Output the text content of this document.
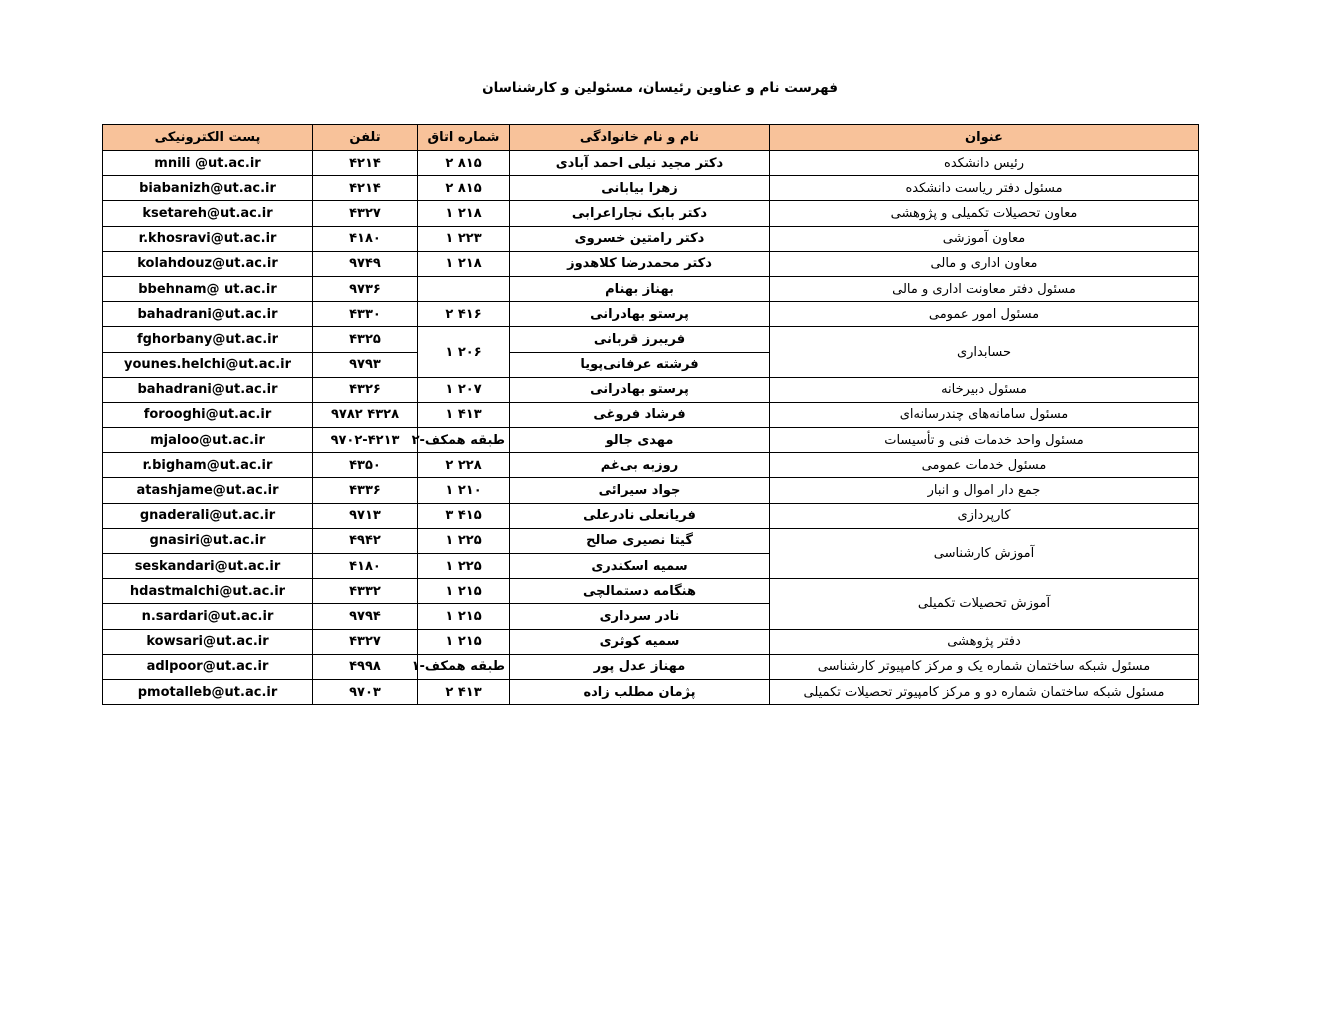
فهرست نام و عناوین رئیسان، مسئولین و کارشناسان
عنوان	نام و نام خانوادگی	شماره اتاق	تلفن	پست الکترونیکی
رئیس دانشکده	دکتر مجید نیلی احمد آبادی	۸۱۵ ۲	۴۲۱۴	mnili @ut.ac.ir
مسئول دفتر ریاست دانشکده	زهرا بیابانی	۸۱۵ ۲	۴۲۱۴	biabanizh@ut.ac.ir
معاون تحصیلات تکمیلی و پژوهشی	دکتر بابک نجاراعرابی	۲۱۸ ۱	۴۳۲۷	ksetareh@ut.ac.ir
معاون آموزشی	دکتر رامتین خسروی	۲۲۳ ۱	۴۱۸۰	r.khosravi@ut.ac.ir
معاون اداری و مالی	دکتر محمدرضا کلاهدوز	۲۱۸ ۱	۹۷۴۹	kolahdouz@ut.ac.ir
مسئول دفتر معاونت اداری و مالی	بهناز بهنام		۹۷۳۶	bbehnam@ ut.ac.ir
مسئول امور عمومی	پرستو بهادرانی	۴۱۶ ۲	۴۳۳۰	bahadrani@ut.ac.ir
حسابداری	فریبرز قربانی	۲۰۶ ۱	۴۳۲۵	fghorbany@ut.ac.ir
	فرشته عرفانی‌پویا		۹۷۹۳	younes.helchi@ut.ac.ir
مسئول دبیرخانه	پرستو بهادرانی	۲۰۷ ۱	۴۳۲۶	bahadrani@ut.ac.ir
مسئول سامانه‌های چندرسانه‌ای	فرشاد فروغی	۴۱۳ ۱	۴۳۲۸ ۹۷۸۲	forooghi@ut.ac.ir
مسئول واحد خدمات فنی و تأسیسات	مهدی جالو	طبقه همکف-۲	۹۷۰۲-۴۲۱۳	mjaloo@ut.ac.ir
مسئول خدمات عمومی	روزبه بی‌غم	۲۲۸ ۲	۴۳۵۰	r.bigham@ut.ac.ir
جمع دار اموال و انبار	جواد سیرائی	۲۱۰ ۱	۴۳۳۶	atashjame@ut.ac.ir
کارپردازی	فریانعلی نادرعلی	۴۱۵ ۳	۹۷۱۳	gnaderali@ut.ac.ir
آموزش کارشناسی	گیتا نصیری صالح	۲۲۵ ۱	۴۹۴۲	gnasiri@ut.ac.ir
	سمیه اسکندری	۲۲۵ ۱	۴۱۸۰	seskandari@ut.ac.ir
آموزش تحصیلات تکمیلی	هنگامه دستمالچی	۲۱۵ ۱	۴۳۳۲	hdastmalchi@ut.ac.ir
	نادر سرداری	۲۱۵ ۱	۹۷۹۴	n.sardari@ut.ac.ir
دفتر پژوهشی	سمیه کوثری	۲۱۵ ۱	۴۳۲۷	kowsari@ut.ac.ir
مسئول شبکه ساختمان شماره یک و مرکز کامپیوتر کارشناسی	مهناز عدل پور	طبقه همکف-۱	۴۹۹۸	adlpoor@ut.ac.ir
مسئول شبکه ساختمان شماره دو و مرکز کامپیوتر تحصیلات تکمیلی	پژمان مطلب زاده	۴۱۳ ۲	۹۷۰۳	pmotalleb@ut.ac.ir
